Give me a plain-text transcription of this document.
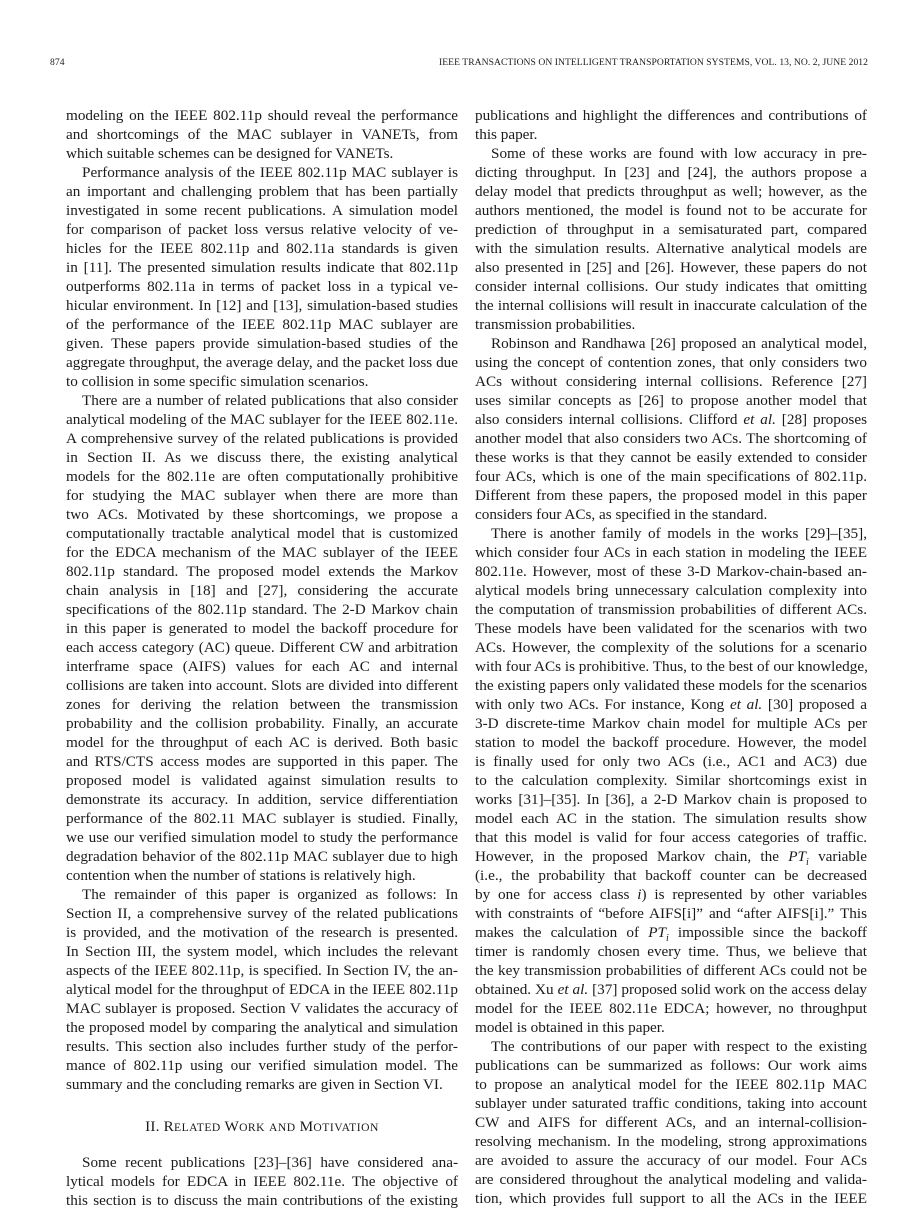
874	IEEE TRANSACTIONS ON INTELLIGENT TRANSPORTATION SYSTEMS, VOL. 13, NO. 2, JUNE 2012
modeling on the IEEE 802.11p should reveal the performance
and shortcomings of the MAC sublayer in VANETs, from
which suitable schemes can be designed for VANETs.
Performance analysis of the IEEE 802.11p MAC sublayer is
an important and challenging problem that has been partially
investigated in some recent publications. A simulation model
for comparison of packet loss versus relative velocity of ve-
hicles for the IEEE 802.11p and 802.11a standards is given
in [11]. The presented simulation results indicate that 802.11p
outperforms 802.11a in terms of packet loss in a typical ve-
hicular environment. In [12] and [13], simulation-based studies
of the performance of the IEEE 802.11p MAC sublayer are
given. These papers provide simulation-based studies of the
aggregate throughput, the average delay, and the packet loss due
to collision in some specific simulation scenarios.
There are a number of related publications that also consider
analytical modeling of the MAC sublayer for the IEEE 802.11e.
A comprehensive survey of the related publications is provided
in Section II. As we discuss there, the existing analytical
models for the 802.11e are often computationally prohibitive
for studying the MAC sublayer when there are more than
two ACs. Motivated by these shortcomings, we propose a
computationally tractable analytical model that is customized
for the EDCA mechanism of the MAC sublayer of the IEEE
802.11p standard. The proposed model extends the Markov
chain analysis in [18] and [27], considering the accurate
specifications of the 802.11p standard. The 2-D Markov chain
in this paper is generated to model the backoff procedure for
each access category (AC) queue. Different CW and arbitration
interframe space (AIFS) values for each AC and internal
collisions are taken into account. Slots are divided into different
zones for deriving the relation between the transmission
probability and the collision probability. Finally, an accurate
model for the throughput of each AC is derived. Both basic
and RTS/CTS access modes are supported in this paper. The
proposed model is validated against simulation results to
demonstrate its accuracy. In addition, service differentiation
performance of the 802.11 MAC sublayer is studied. Finally,
we use our verified simulation model to study the performance
degradation behavior of the 802.11p MAC sublayer due to high
contention when the number of stations is relatively high.
The remainder of this paper is organized as follows: In
Section II, a comprehensive survey of the related publications
is provided, and the motivation of the research is presented.
In Section III, the system model, which includes the relevant
aspects of the IEEE 802.11p, is specified. In Section IV, the an-
alytical model for the throughput of EDCA in the IEEE 802.11p
MAC sublayer is proposed. Section V validates the accuracy of
the proposed model by comparing the analytical and simulation
results. This section also includes further study of the perfor-
mance of 802.11p using our verified simulation model. The
summary and the concluding remarks are given in Section VI.
II. RELATED WORK AND MOTIVATION
Some recent publications [23]–[36] have considered ana-
lytical models for EDCA in IEEE 802.11e. The objective of
this section is to discuss the main contributions of the existing
publications and highlight the differences and contributions of
this paper.
Some of these works are found with low accuracy in pre-
dicting throughput. In [23] and [24], the authors propose a
delay model that predicts throughput as well; however, as the
authors mentioned, the model is found not to be accurate for
prediction of throughput in a semisaturated part, compared
with the simulation results. Alternative analytical models are
also presented in [25] and [26]. However, these papers do not
consider internal collisions. Our study indicates that omitting
the internal collisions will result in inaccurate calculation of the
transmission probabilities.
Robinson and Randhawa [26] proposed an analytical model,
using the concept of contention zones, that only considers two
ACs without considering internal collisions. Reference [27]
uses similar concepts as [26] to propose another model that
also considers internal collisions. Clifford et al. [28] proposes
another model that also considers two ACs. The shortcoming of
these works is that they cannot be easily extended to consider
four ACs, which is one of the main specifications of 802.11p.
Different from these papers, the proposed model in this paper
considers four ACs, as specified in the standard.
There is another family of models in the works [29]–[35],
which consider four ACs in each station in modeling the IEEE
802.11e. However, most of these 3-D Markov-chain-based an-
alytical models bring unnecessary calculation complexity into
the computation of transmission probabilities of different ACs.
These models have been validated for the scenarios with two
ACs. However, the complexity of the solutions for a scenario
with four ACs is prohibitive. Thus, to the best of our knowledge,
the existing papers only validated these models for the scenarios
with only two ACs. For instance, Kong et al. [30] proposed a
3-D discrete-time Markov chain model for multiple ACs per
station to model the backoff procedure. However, the model
is finally used for only two ACs (i.e., AC1 and AC3) due
to the calculation complexity. Similar shortcomings exist in
works [31]–[35]. In [36], a 2-D Markov chain is proposed to
model each AC in the station. The simulation results show
that this model is valid for four access categories of traffic.
However, in the proposed Markov chain, the $PT_i$ variable
(i.e., the probability that backoff counter can be decreased
by one for access class i) is represented by other variables
with constraints of “before AIFS[i]” and “after AIFS[i].” This
makes the calculation of $PT_i$ impossible since the backoff
timer is randomly chosen every time. Thus, we believe that
the key transmission probabilities of different ACs could not be
obtained. Xu et al. [37] proposed solid work on the access delay
model for the IEEE 802.11e EDCA; however, no throughput
model is obtained in this paper.
The contributions of our paper with respect to the existing
publications can be summarized as follows: Our work aims
to propose an analytical model for the IEEE 802.11p MAC
sublayer under saturated traffic conditions, taking into account
CW and AIFS for different ACs, and an internal-collision-
resolving mechanism. In the modeling, strong approximations
are avoided to assure the accuracy of our model. Four ACs
are considered throughout the analytical modeling and valida-
tion, which provides full support to all the ACs in the IEEE
